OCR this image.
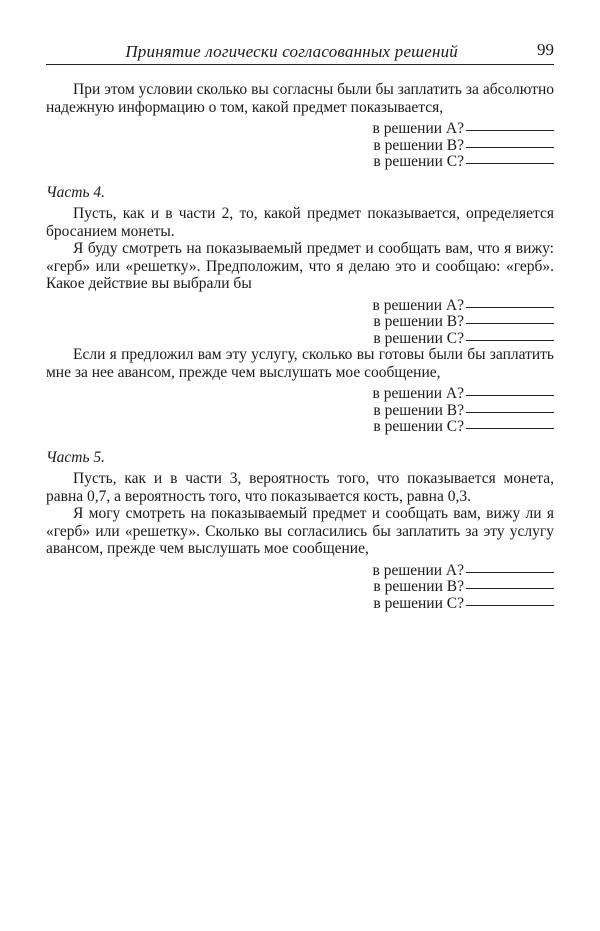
Принятие логически согласованных решений	99

При этом условии сколько вы согласны были бы заплатить за абсолютно надежную информацию о том, какой предмет показывается,

в решении A?
в решении B?
в решении C?
Часть 4.

Пусть, как и в части 2, то, какой предмет показывается, определяется бросанием монеты.

Я буду смотреть на показываемый предмет и сообщать вам, что я вижу: «герб» или «решетку». Предположим, что я делаю это и сообщаю: «герб». Какое действие вы выбрали бы

в решении A?
в решении B?
в решении C?

Если я предложил вам эту услугу, сколько вы готовы были бы заплатить мне за нее авансом, прежде чем выслушать мое сообщение,

в решении A?
в решении B?
в решении C?
Часть 5.

Пусть, как и в части 3, вероятность того, что показывается монета, равна 0,7, а вероятность того, что показывается кость, равна 0,3.

Я могу смотреть на показываемый предмет и сообщать вам, вижу ли я «герб» или «решетку». Сколько вы согласились бы заплатить за эту услугу авансом, прежде чем выслушать мое сообщение,

в решении A?
в решении B?
в решении C?
